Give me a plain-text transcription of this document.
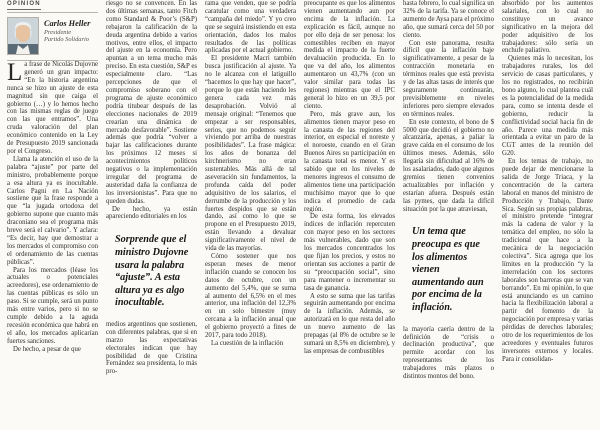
OPINIÓN
Carlos Heller
Presidente
Partido Solidario

La frase de Nicolás Dujovne generó un gran impacto: “En la historia argentina nunca se hizo un ajuste de esta magnitud sin que caiga el gobierno (…) y lo hemos hecho con las mismas reglas de juego con las que entramos”. Una cruda valoración del plan económico contenido en la Ley de Presupuesto 2019 sancionada por el Congreso.

Llama la atención el uso de la palabra “ajuste” por parte del ministro, probablemente porque a esa altura ya es inocultable. Carlos Pagni en La Nación sostiene que la frase responde a que “la jugada ortodoxa del gobierno supone que cuanto más draconiano sea el programa más breve será el calvario”. Y aclara: “Es decir, hay que demostrar a los mercados el compromiso con el ordenamiento de las cuentas públicas”.

Para los mercados (léase los actuales o potenciales acreedores), ese ordenamiento de las cuentas públicas es sólo un paso. Si se cumple, será un punto más entre varios, pero si no se cumple debido a la aguda recesión económica que habrá en el año, los mercados aplicarían fuertes sanciones.

De hecho, a pesar de que

riesgo no se convencen. En las dos últimas semanas, tanto Fitch como Standard & Poor’s (S&P) rebajaron la calificación de la deuda argentina debido a varios motivos, entre ellos, el impacto del ajuste en la economía. Pero apuntan a un tema mucho más preciso. En esta cuestión, S&P es especialmente claro. “Las percepciones de que el compromiso soberano con el programa de ajuste económico podría titubear después de las elecciones nacionales de 2019 crearían una dinámica de mercado desfavorable”. Sostiene además que podría “volver a bajar las calificaciones durante los próximos 12 meses si acontecimientos políticos negativos o la implementación irregular del programa de austeridad daña la confianza de los inversionistas”. Para que no queden dudas.

De hecho, ya están apareciendo editoriales en los

Sorprende que el ministro Dujovne usara la palabra “ajuste”. A esta altura ya es algo inocultable.

medios argentinos que sostienen, con diferentes palabras, que si en marzo las expectativas electorales indican que hay posibilidad de que Cristina Fernández sea presidenta, lo más pro-

rama que venden, que se podría caratular como una verdadera “campaña del miedo”. Y yo creo que se seguirá insistiendo en esta orientación, dados los malos resultados de las políticas aplicadas por el actual gobierno.

El presidente Macri también busca justificación al ajuste. Ya no le alcanza con el latiguillo “hacemos lo que hay que hacer”, porque lo que están haciendo les genera cada vez más desaprobación. Volvió al mensaje original: “Tenemos que empezar a ser responsables, serios, que no podemos seguir viviendo por arriba de nuestras posibilidades”. La frase mágica: los años de bonanza del kirchnerismo no eran sustentables. Más allá de tal aseveración sin fundamentos, la profunda caída del poder adquisitivo de los salarios, el derrumbe de la producción y los fuertes despidos que se están dando, así como lo que se propone en el Presupuesto 2019, están llevando a devaluar significativamente el nivel de vida de las mayorías.

Cómo sostener que nos esperan meses de menor inflación cuando se conocen los datos de octubre, con un aumento del 5,4%, que se suma al aumento del 6,5% en el mes anterior, una inflación del 12,3% en un solo bimestre (muy cercana a la inflación anual que el gobierno proyectó a fines de 2017, para todo 2018).

La cuestión de la inflación

preocupante es que los alimentos vienen aumentando aun por encima de la inflación. La explicación es fácil, aunque no por ello deja de ser penosa: los comestibles reciben en mayor medida el impacto de la fuerte devaluación producida. En lo que va del año, los alimentos aumentaron un 43,7% (con un valor similar para todas las regiones) mientras que el IPC general lo hizo en un 39,5 por ciento.

Pero, más grave aun, los alimentos tienen mayor peso en la canasta de las regiones del interior, en especial el noreste y el noroeste, cuando en el Gran Buenos Aires su participación en la canasta total es menor. Y es sabido que en los niveles de menores ingresos el consumo de alimentos tiene una participación muchísimo mayor que lo que indica el promedio de cada región.

De esta forma, los elevados índices de inflación repercuten con mayor peso en los sectores más vulnerables, dado que son los mercados concentrados los que fijan los precios, y estos no orientan sus acciones a partir de su “preocupación social”, sino para mantener o incrementar su tasa de ganancia.

A esto se suma que las tarifas seguirán aumentando por encima de la inflación. Además, se autorizará en lo que resta del año un nuevo aumento de las prepagas (al 8% de octubre se le sumará un 8,5% en diciembre), y las empresas de combustibles

hasta febrero, lo cual significa un 32% de la tarifa. Ya se conoce el aumento de Aysa para el próximo año, que sumará cerca del 50 por ciento.

Con este panorama, resulta difícil que la inflación baje significativamente, a pesar de la contracción monetaria en términos reales que está prevista y de las altas tasas de interés que seguramente continuarán, previsiblemente en niveles inferiores pero siempre elevados en términos reales.

En este contexto, el bono de $ 5000 que decidió el gobierno no alcanzaría, apenas, a paliar la grave caída en el consumo de los últimos meses. Además, sólo llegaría sin dificultad al 16% de los asalariados, dado que algunos gremios tienen convenios actualizables por inflación y estarían afuera. Después están las pymes, que dada la difícil situación por la que atraviesan,

Un tema que preocupa es que los alimentos vienen aumentando aun por encima de la inflación.

la mayoría caería dentro de la definición de “crisis o declinación productiva”, que permite acordar con los representantes de los trabajadores más plazos o distintos montos del bono.

absorbido por los aumentos salariales, con lo cual no constituye un avance significativo en la mejora del poder adquisitivo de los trabajadores: sólo sería un enchufe paliativo.

Quienes más lo necesitan, los trabajadores rurales, los del servicio de casas particulares, y los no registrados, no recibirán bono alguno, lo cual plantea cuál es la potencialidad de la medida para, como se intenta desde el gobierno, reducir la conflictividad social hacia fin de año. Parece una medida más orientada a evitar un paro de la CGT antes de la reunión del G20.

En los temas de trabajo, no puede dejar de mencionarse la salida de Jorge Triaca, y la concentración de la cartera laboral en manos del ministro de Producción y Trabajo, Dante Sica. Según sus propias palabras, el ministro pretende “integrar más la cadena de valor y la temática del empleo, no sólo la tradicional que hace a la mecánica de la negociación colectiva”. Sica agrega que los límites en la producción “y la interrelación con los sectores laborales son barreras que se van borrando”. En mi opinión, lo que está anunciando es un camino hacia la flexibilización laboral a partir del fomento de la negociación por empresa y varias pérdidas de derechos laborales; otro de los requerimientos de los acreedores y eventuales futuros inversores externos y locales. Para ir consolidan-
